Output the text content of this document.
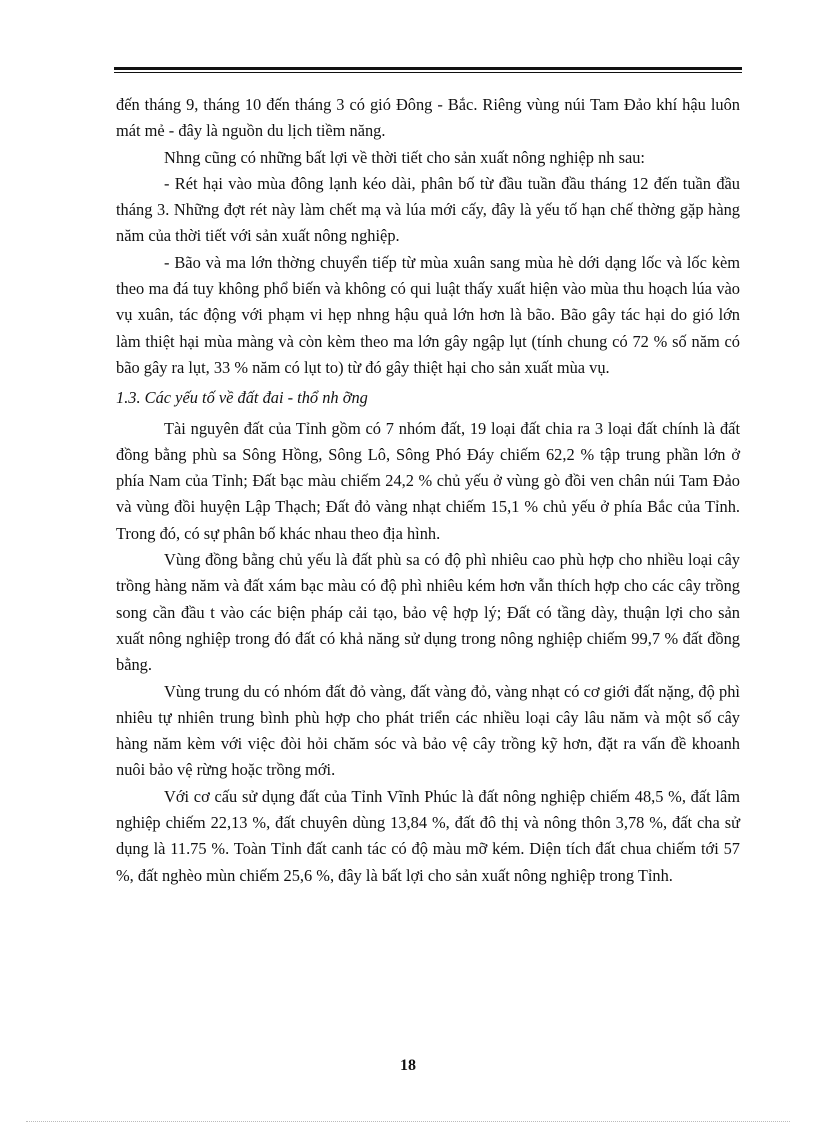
đến tháng 9, tháng 10 đến tháng 3 có gió Đông - Bắc. Riêng vùng núi Tam Đảo khí hậu luôn mát mẻ - đây là nguồn du lịch tiềm năng.

Nhng cũng có những bất lợi về thời tiết cho sản xuất nông nghiệp nh sau:

- Rét hại vào mùa đông lạnh kéo dài, phân bố từ đầu tuần đầu tháng 12 đến tuần đầu tháng 3. Những đợt rét này làm chết mạ và lúa mới cấy, đây là yếu tố hạn chế thờng gặp hàng năm của thời tiết với sản xuất nông nghiệp.

- Bão và ma lớn thờng chuyển tiếp từ mùa xuân sang mùa hè dới dạng lốc và lốc kèm theo ma đá tuy không phổ biến và không có qui luật thấy xuất hiện vào mùa thu hoạch lúa vào vụ xuân, tác động với phạm vi hẹp nhng hậu quả lớn hơn là bão. Bão gây tác hại do gió lớn làm thiệt hại mùa màng và còn kèm theo ma lớn gây ngập lụt (tính chung có 72 % số năm có bão gây ra lụt, 33 % năm có lụt to) từ đó gây thiệt hại cho sản xuất mùa vụ.

1.3. Các yếu tố về đất đai - thổ nh ỡng

Tài nguyên đất của Tỉnh gồm có 7 nhóm đất, 19 loại đất chia ra 3 loại đất chính là đất đồng bằng phù sa Sông Hồng, Sông Lô, Sông Phó Đáy chiếm 62,2 % tập trung phần lớn ở phía Nam của Tỉnh; Đất bạc màu chiếm 24,2 % chủ yếu ở vùng gò đồi ven chân núi Tam Đảo và vùng đồi huyện Lập Thạch; Đất đỏ vàng nhạt chiếm 15,1 % chủ yếu ở phía Bắc của Tỉnh. Trong đó, có sự phân bố khác nhau theo địa hình.

Vùng đồng bằng chủ yếu là đất phù sa có độ phì nhiêu cao phù hợp cho nhiều loại cây trồng hàng năm và đất xám bạc màu có độ phì nhiêu kém hơn vẫn thích hợp cho các cây trồng song cần đầu t vào các biện pháp cải tạo, bảo vệ hợp lý; Đất có tầng dày, thuận lợi cho sản xuất nông nghiệp trong đó đất có khả năng sử dụng trong nông nghiệp chiếm 99,7 % đất đồng bằng.

Vùng trung du có nhóm đất đỏ vàng, đất vàng đỏ, vàng nhạt có cơ giới đất nặng, độ phì nhiêu tự nhiên trung bình phù hợp cho phát triển các nhiều loại cây lâu năm và một số cây hàng năm kèm với việc đòi hỏi chăm sóc và bảo vệ cây trồng kỹ hơn, đặt ra vấn đề khoanh nuôi bảo vệ rừng hoặc trồng mới.

Với cơ cấu sử dụng đất của Tỉnh Vĩnh Phúc là đất nông nghiệp chiếm 48,5 %, đất lâm nghiệp chiếm 22,13 %, đất chuyên dùng 13,84 %, đất đô thị và nông thôn 3,78 %, đất cha sử dụng là 11.75 %. Toàn Tỉnh đất canh tác có độ màu mỡ kém. Diện tích đất chua chiếm tới 57 %, đất nghèo mùn chiếm 25,6 %, đây là bất lợi cho sản xuất nông nghiệp trong Tỉnh.

18
